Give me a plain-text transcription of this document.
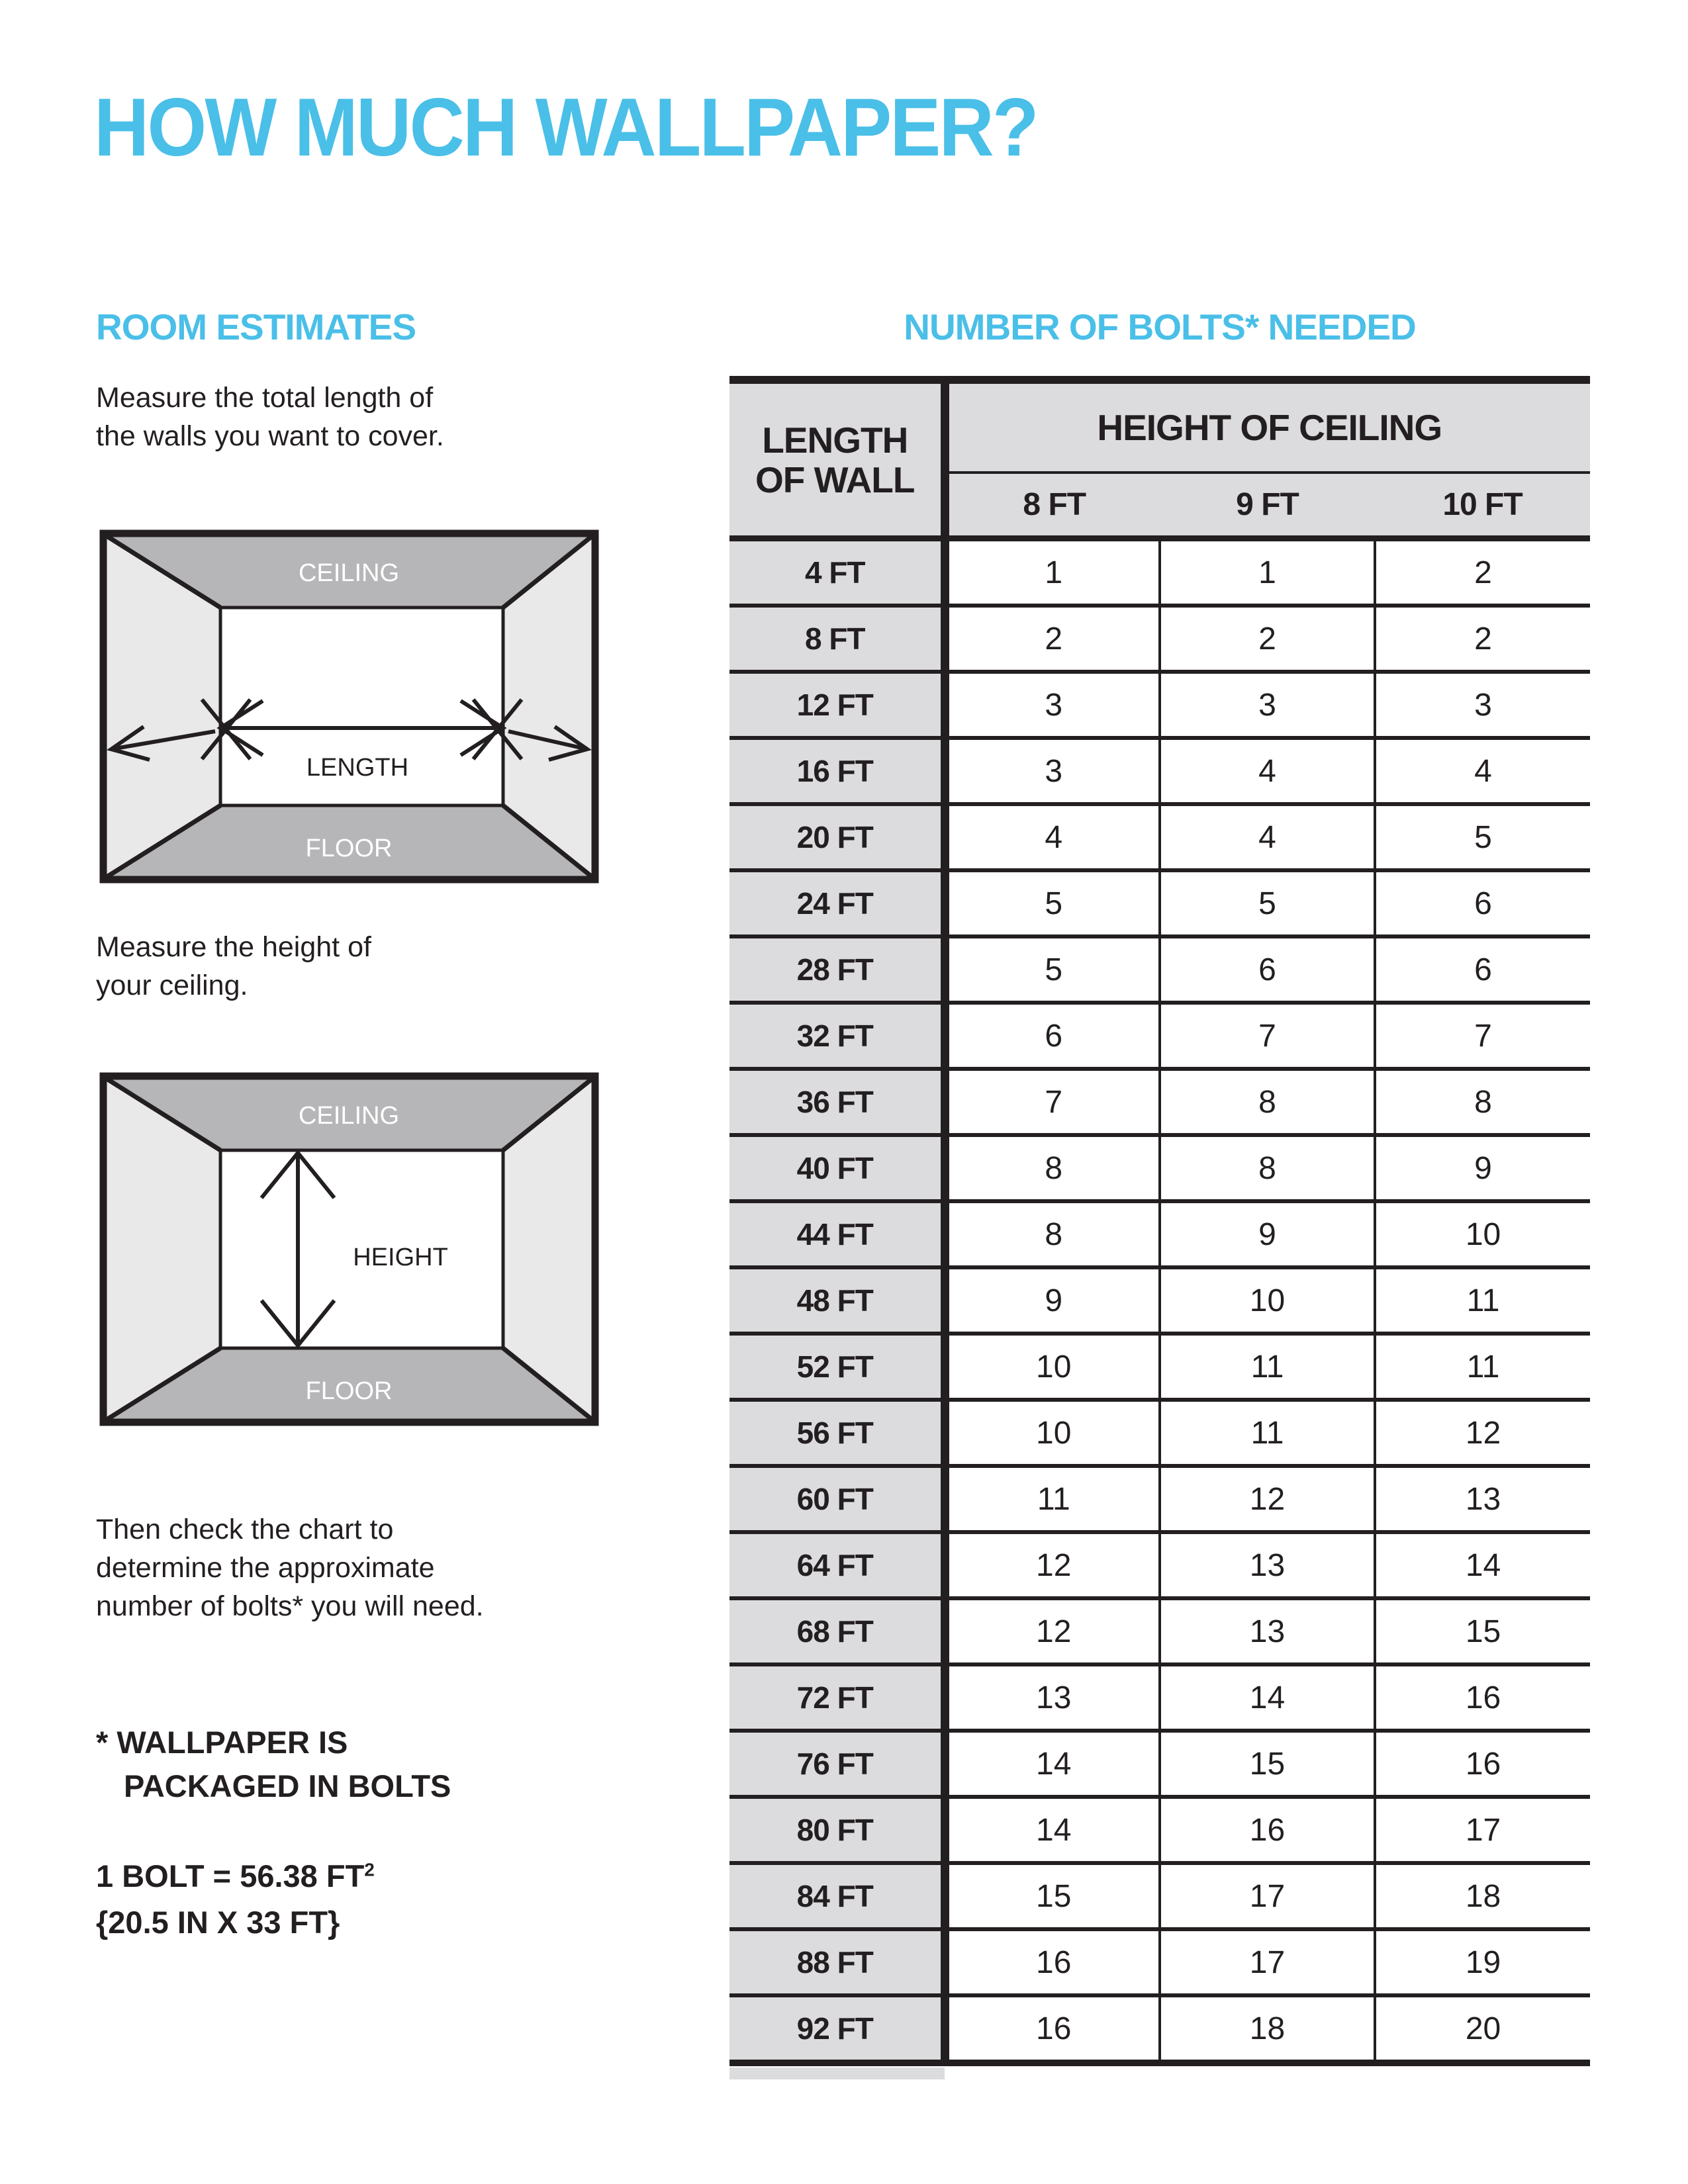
HOW MUCH WALLPAPER?
ROOM ESTIMATES	NUMBER OF BOLTS* NEEDED

Measure the total length of
the walls you want to cover.

CEILING
FLOOR
LENGTH

Measure the height of
your ceiling.

CEILING
FLOOR
HEIGHT

Then check the chart to
determine the approximate
number of bolts* you will need.

* WALLPAPER IS
PACKAGED IN BOLTS

1 BOLT = 56.38 $FT^2$
{20.5 IN X 33 FT}

LENGTH
OF WALL	HEIGHT OF CEILING		
	8 FT	9 FT	10 FT
4 FT	1	1	2
8 FT	2	2	2
12 FT	3	3	3
16 FT	3	4	4
20 FT	4	4	5
24 FT	5	5	6
28 FT	5	6	6
32 FT	6	7	7
36 FT	7	8	8
40 FT	8	8	9
44 FT	8	9	10
48 FT	9	10	11
52 FT	10	11	11
56 FT	10	11	12
60 FT	11	12	13
64 FT	12	13	14
68 FT	12	13	15
72 FT	13	14	16
76 FT	14	15	16
80 FT	14	16	17
84 FT	15	17	18
88 FT	16	17	19
92 FT	16	18	20
